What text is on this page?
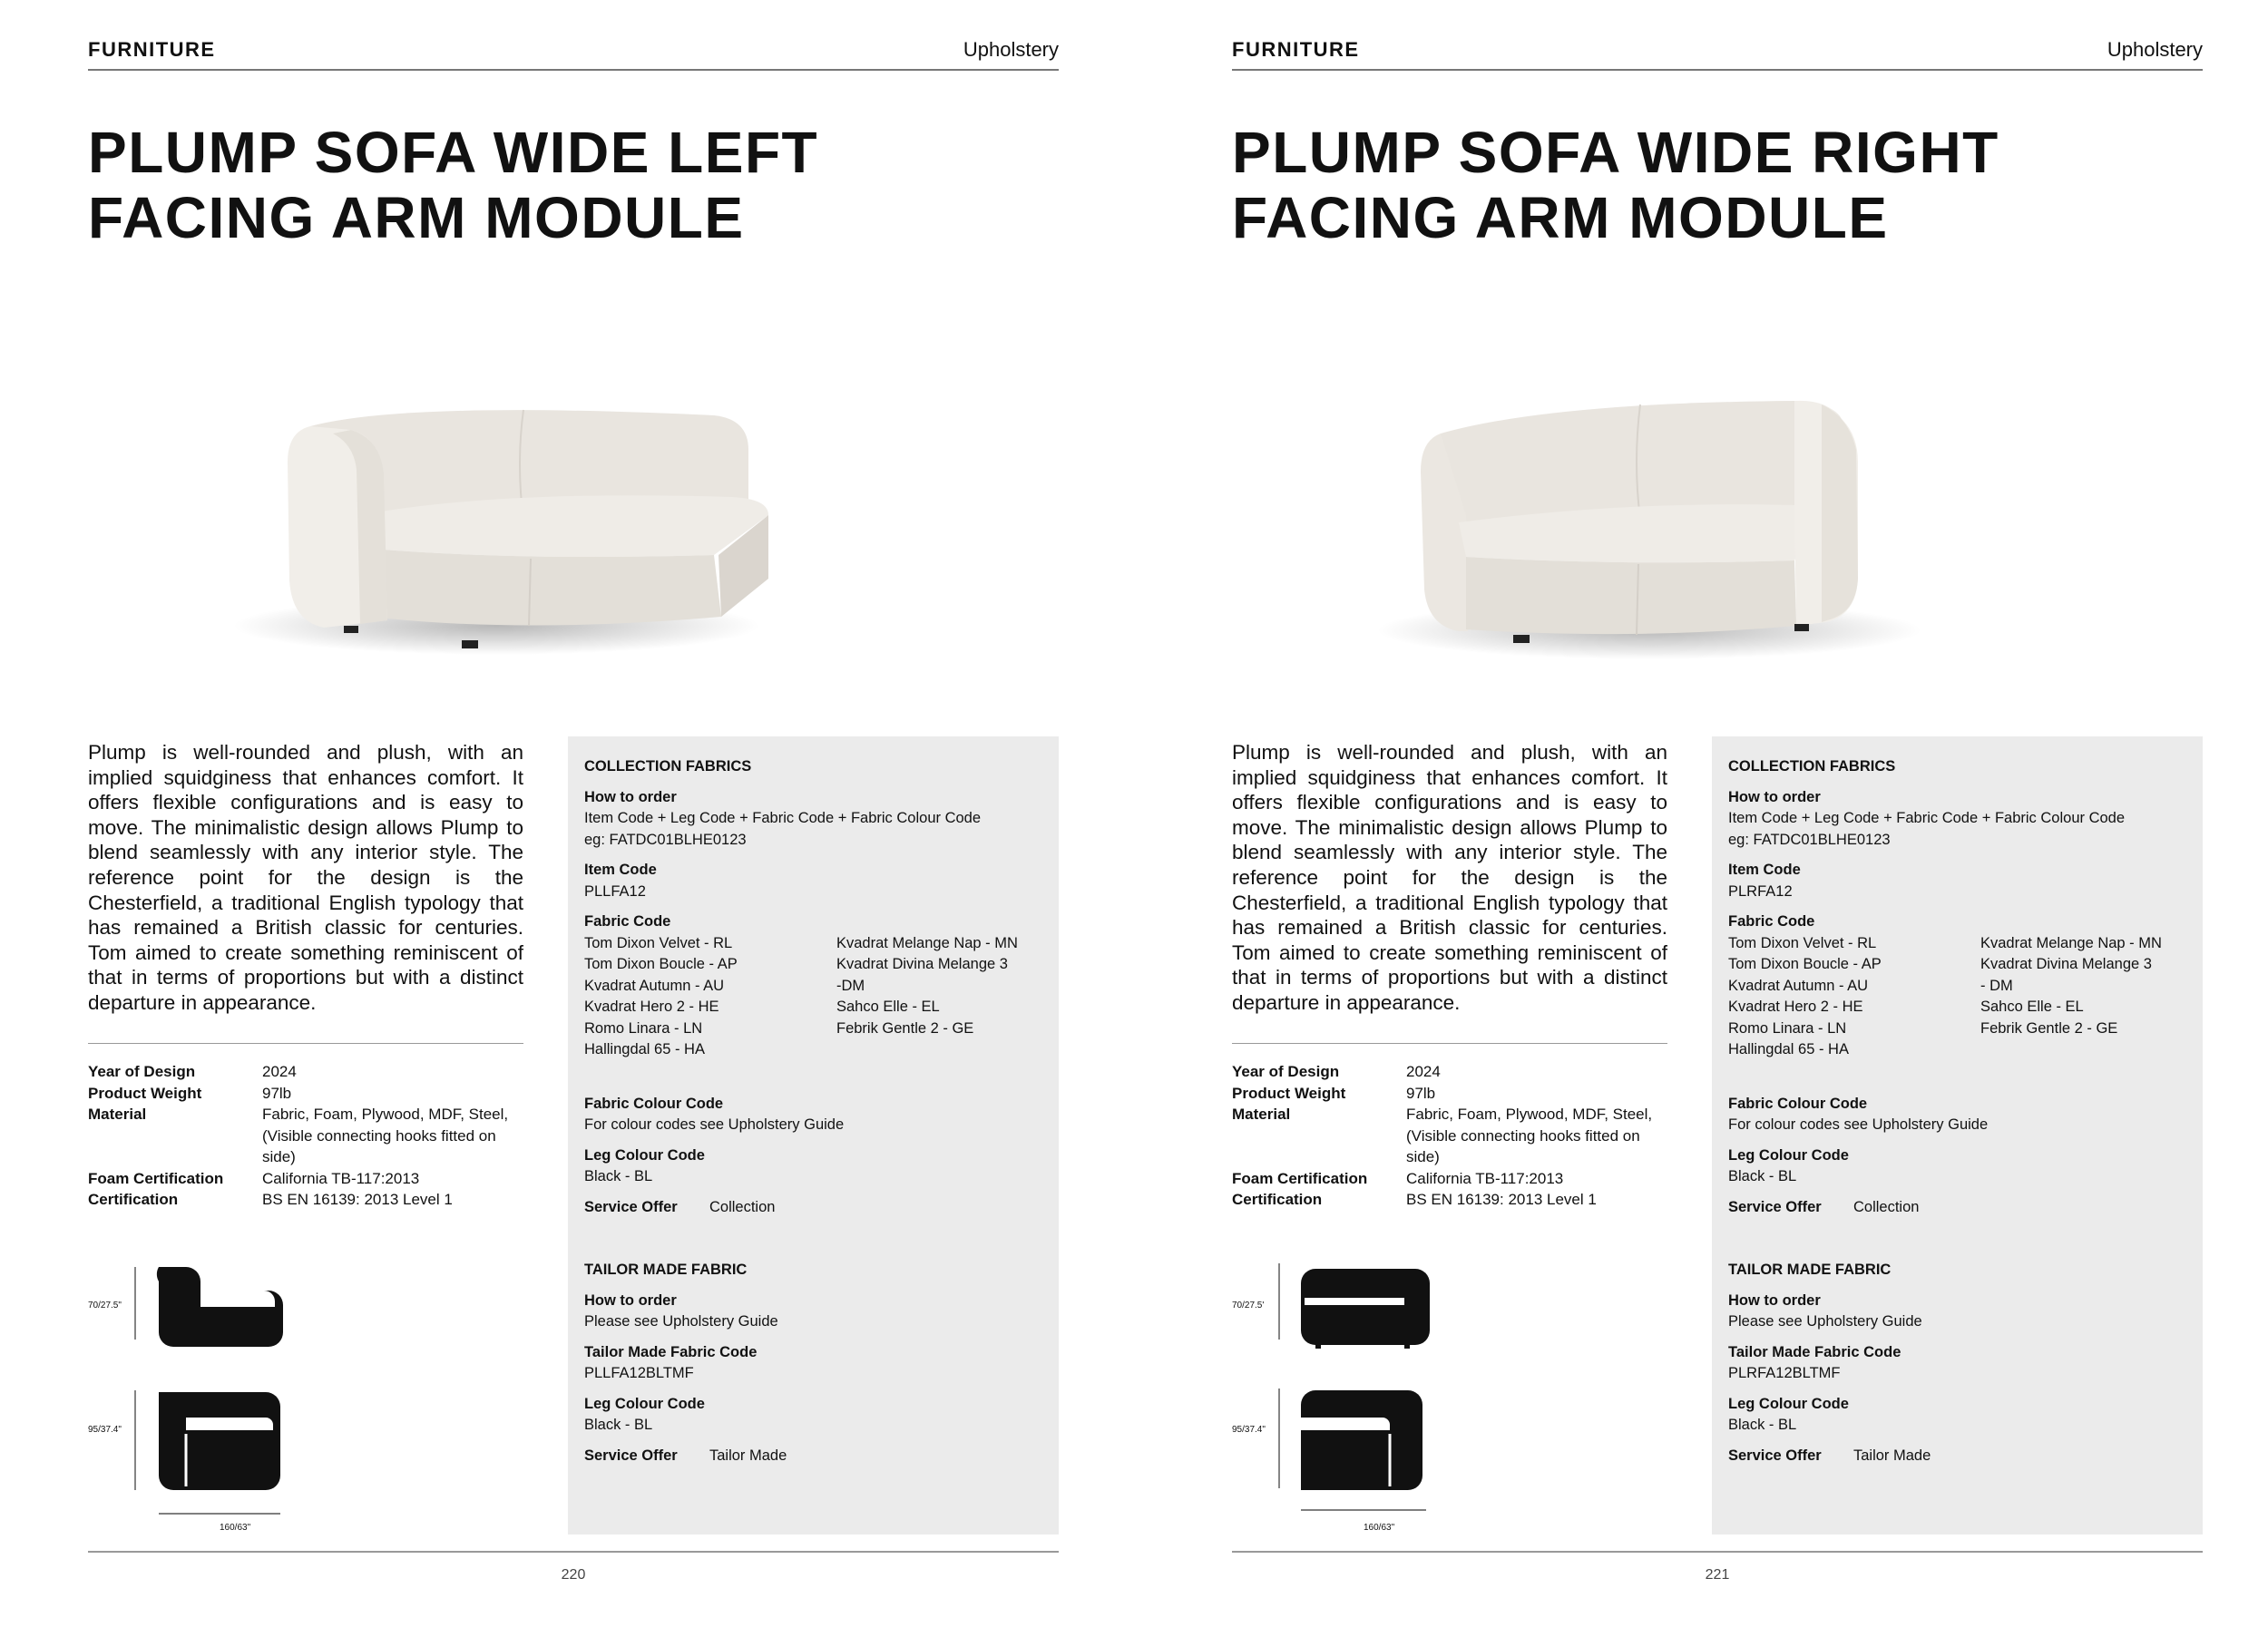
FURNITURE	Upholstery
PLUMP SOFA WIDE LEFT FACING ARM MODULE

Plump is well-rounded and plush, with an implied squidginess that enhances comfort. It offers flexible configurations and is easy to move. The minimalistic design allows Plump to blend seamlessly with any interior style. The reference point for the design is the Chesterfield, a traditional English typology that has remained a British classic for centuries. Tom aimed to create something reminiscent of that in terms of proportions but with a distinct departure in appearance.

Year of Design	2024
Product Weight	97lb
Material	Fabric, Foam, Plywood, MDF, Steel, (Visible connecting hooks fitted on side)
Foam Certification	California TB-117:2013
Certification	BS EN 16139: 2013 Level 1
70/27.5"
95/37.4"
160/63"
COLLECTION FABRICS
How to order
Item Code + Leg Code + Fabric Code + Fabric Colour Code
eg: FATDC01BLHE0123
Item Code
PLLFA12
Fabric Code
Tom Dixon Velvet - RL
Tom Dixon Boucle - AP
Kvadrat Autumn - AU
Kvadrat Hero 2 - HE
Romo Linara - LN
Hallingdal 65 - HA
Kvadrat Melange Nap - MN
Kvadrat Divina Melange 3
-DM
Sahco Elle - EL
Febrik Gentle 2 - GE
Fabric Colour Code
For colour codes see Upholstery Guide
Leg Colour Code
Black - BL
Service Offer	Collection
TAILOR MADE FABRIC
How to order
Please see Upholstery Guide
Tailor Made Fabric Code
PLLFA12BLTMF
Leg Colour Code
Black - BL
Service Offer	Tailor Made
220
FURNITURE	Upholstery
PLUMP SOFA WIDE RIGHT FACING ARM MODULE

Plump is well-rounded and plush, with an implied squidginess that enhances comfort. It offers flexible configurations and is easy to move. The minimalistic design allows Plump to blend seamlessly with any interior style. The reference point for the design is the Chesterfield, a traditional English typology that has remained a British classic for centuries. Tom aimed to create something reminiscent of that in terms of proportions but with a distinct departure in appearance.

Year of Design	2024
Product Weight	97lb
Material	Fabric, Foam, Plywood, MDF, Steel, (Visible connecting hooks fitted on side)
Foam Certification	California TB-117:2013
Certification	BS EN 16139: 2013 Level 1
70/27.5'
95/37.4"
160/63"
COLLECTION FABRICS
How to order
Item Code + Leg Code + Fabric Code + Fabric Colour Code
eg: FATDC01BLHE0123
Item Code
PLRFA12
Fabric Code
Tom Dixon Velvet - RL
Tom Dixon Boucle - AP
Kvadrat Autumn - AU
Kvadrat Hero 2 - HE
Romo Linara - LN
Hallingdal 65 - HA
Kvadrat Melange Nap - MN
Kvadrat Divina Melange 3
- DM
Sahco Elle - EL
Febrik Gentle 2 - GE
Fabric Colour Code
For colour codes see Upholstery Guide
Leg Colour Code
Black - BL
Service Offer	Collection
TAILOR MADE FABRIC
How to order
Please see Upholstery Guide
Tailor Made Fabric Code
PLRFA12BLTMF
Leg Colour Code
Black - BL
Service Offer	Tailor Made
221
